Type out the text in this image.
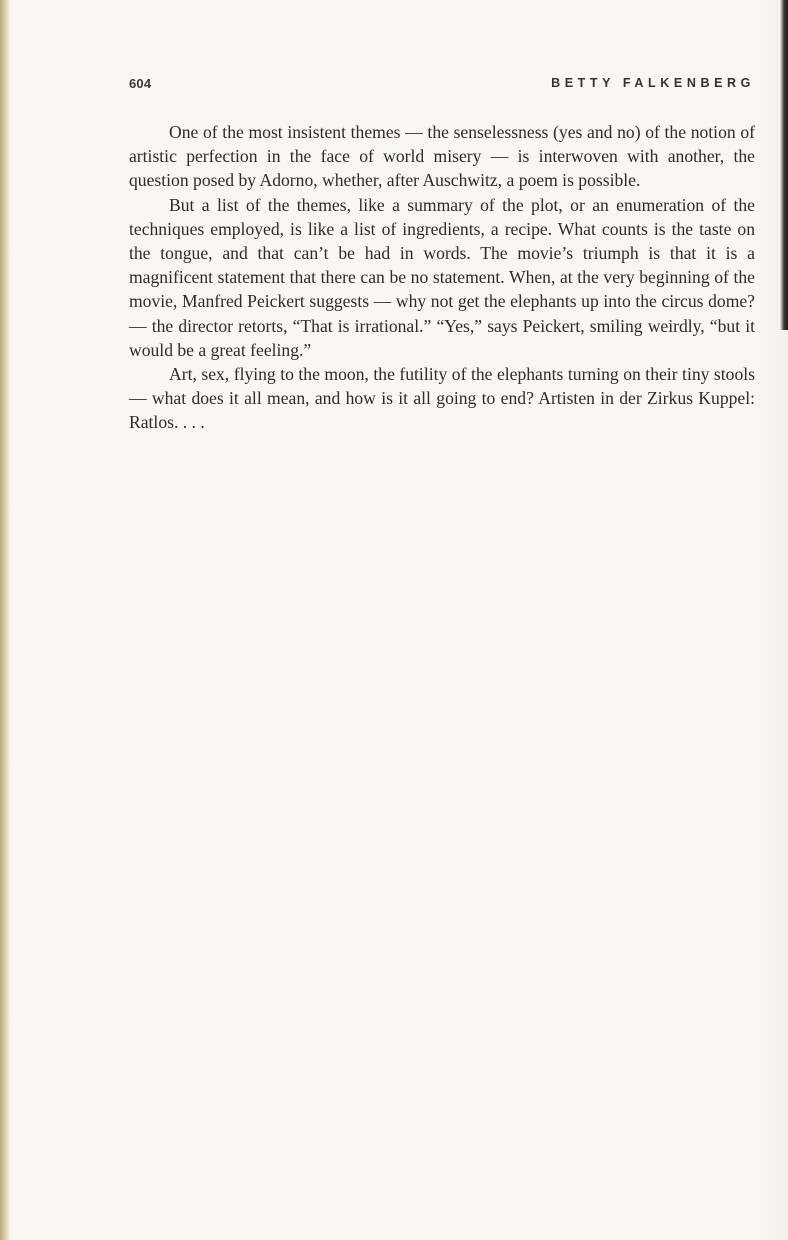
604	BETTY FALKENBERG

One of the most insistent themes — the senselessness (yes and no) of the notion of artistic perfection in the face of world misery — is interwoven with another, the question posed by Adorno, whether, after Auschwitz, a poem is possible.

But a list of the themes, like a summary of the plot, or an enumeration of the techniques employed, is like a list of ingredients, a recipe. What counts is the taste on the tongue, and that can’t be had in words. The movie’s triumph is that it is a magnificent statement that there can be no statement. When, at the very beginning of the movie, Manfred Peickert suggests — why not get the elephants up into the circus dome? — the director retorts, “That is irrational.” “Yes,” says Peickert, smiling weirdly, “but it would be a great feeling.”

Art, sex, flying to the moon, the futility of the elephants turning on their tiny stools — what does it all mean, and how is it all going to end? Artisten in der Zirkus Kuppel: Ratlos. . . .
